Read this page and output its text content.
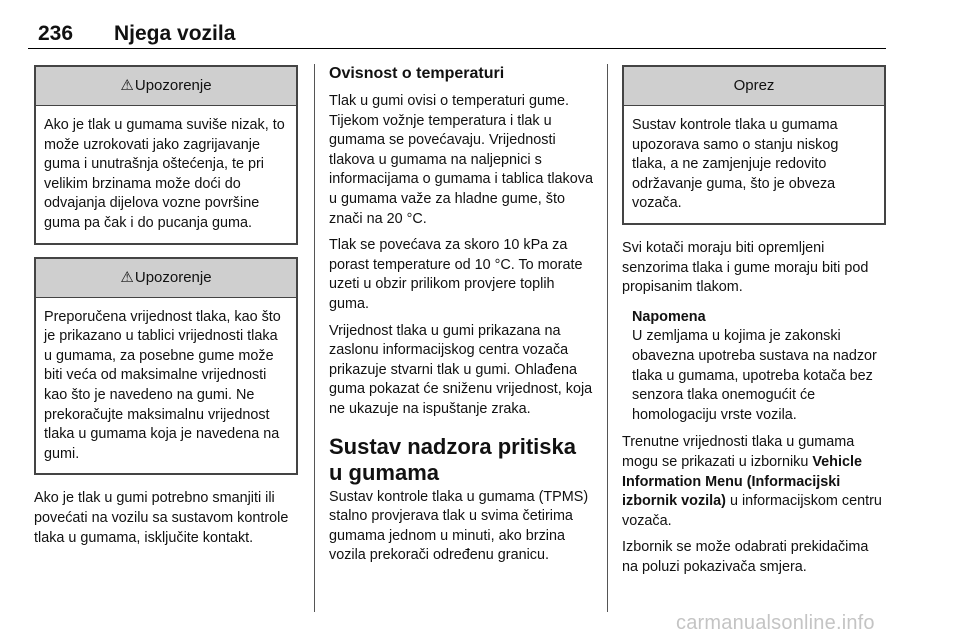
236 Njega vozila
⚠Upozorenje
Ako je tlak u gumama suviše nizak, to može uzrokovati jako zagrijavanje guma i unutrašnja oštećenja, te pri velikim brzinama može doći do odvajanja dijelova vozne površine guma pa čak i do pucanja guma.
⚠Upozorenje
Preporučena vrijednost tlaka, kao što je prikazano u tablici vrijednosti tlaka u gumama, za posebne gume može biti veća od maksimalne vrijednosti kao što je navedeno na gumi. Ne prekoračujte maksimalnu vrijednost tlaka u gumama koja je navedena na gumi.

Ako je tlak u gumi potrebno smanjiti ili povećati na vozilu sa sustavom kontrole tlaka u gumama, isključite kontakt.

Ovisnost o temperaturi

Tlak u gumi ovisi o temperaturi gume. Tijekom vožnje temperatura i tlak u gumama se povećavaju. Vrijednosti tlakova u gumama na naljepnici s informacijama o gumama i tablica tlakova u gumama važe za hladne gume, što znači na 20 °C.

Tlak se povećava za skoro 10 kPa za porast temperature od 10 °C. To morate uzeti u obzir prilikom provjere toplih guma.

Vrijednost tlaka u gumi prikazana na zaslonu informacijskog centra vozača prikazuje stvarni tlak u gumi. Ohlađena guma pokazat će sniženu vrijednost, koja ne ukazuje na ispuštanje zraka.

Sustav nadzora pritiska u gumama

Sustav kontrole tlaka u gumama (TPMS) stalno provjerava tlak u svima četirima gumama jednom u minuti, ako brzina vozila prekorači određenu granicu.

Oprez
Sustav kontrole tlaka u gumama upozorava samo o stanju niskog tlaka, a ne zamjenjuje redovito održavanje guma, što je obveza vozača.

Svi kotači moraju biti opremljeni senzorima tlaka i gume moraju biti pod propisanim tlakom.

Napomena
U zemljama u kojima je zakonski obavezna upotreba sustava na nadzor tlaka u gumama, upotreba kotača bez senzora tlaka onemogućit će homologaciju vrste vozila.

Trenutne vrijednosti tlaka u gumama mogu se prikazati u izborniku Vehicle Information Menu (Informacijski izbornik vozila) u informacijskom centru vozača.

Izbornik se može odabrati prekidačima na poluzi pokazivača smjera.

carmanualsonline.info
